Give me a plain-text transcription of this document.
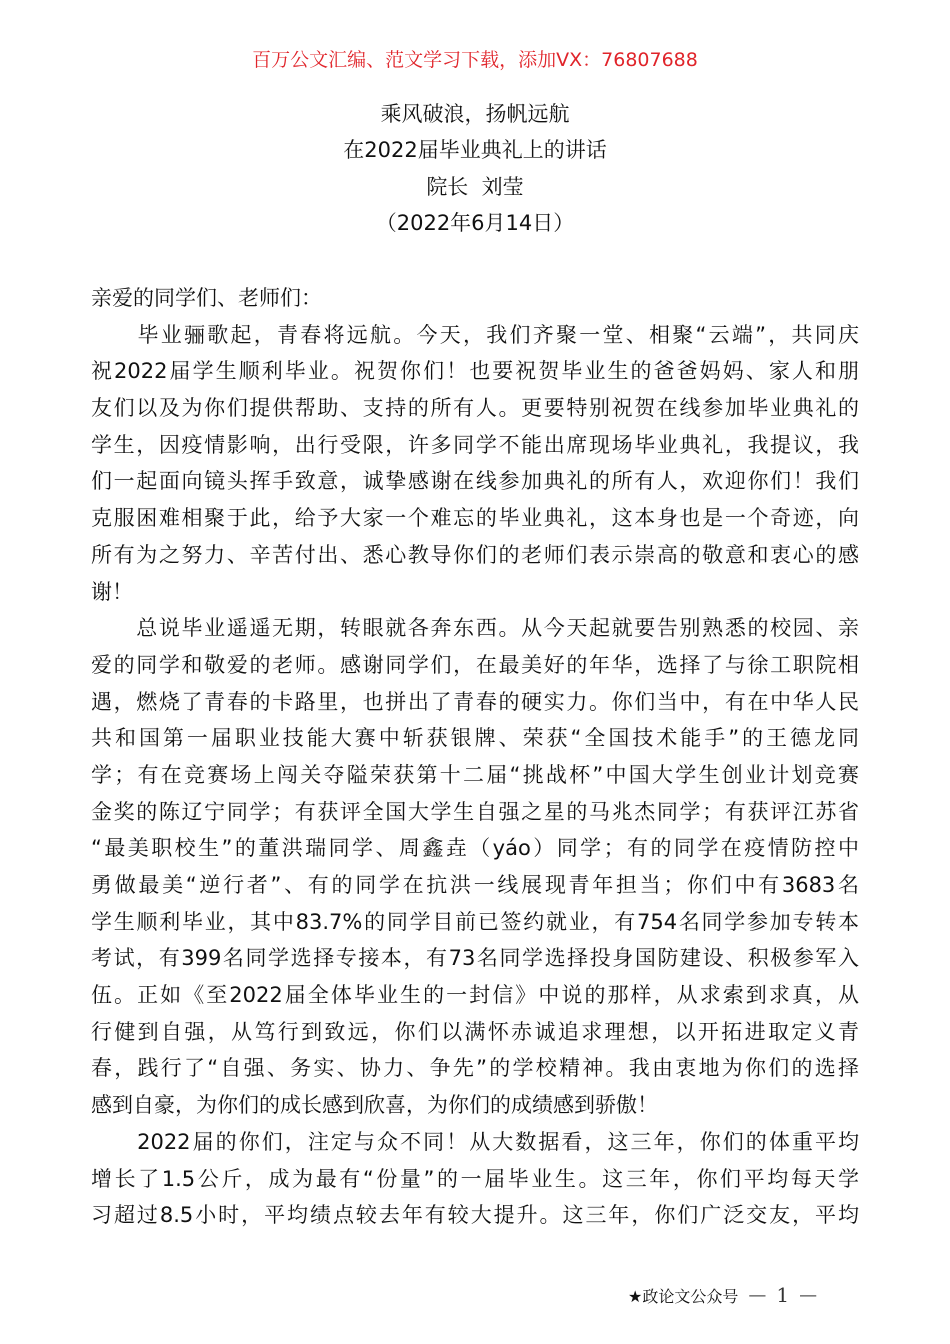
百万公文汇编、范文学习下载，添加VX：76807688
乘风破浪，扬帆远航
在2022届毕业典礼上的讲话
院长  刘莹
（2022年6月14日）
亲爱的同学们、老师们：
　　毕业骊歌起，青春将远航。今天，我们齐聚一堂、相聚“云端”，共同庆
祝2022届学生顺利毕业。祝贺你们！也要祝贺毕业生的爸爸妈妈、家人和朋
友们以及为你们提供帮助、支持的所有人。更要特别祝贺在线参加毕业典礼的
学生，因疫情影响，出行受限，许多同学不能出席现场毕业典礼，我提议，我
们一起面向镜头挥手致意，诚挚感谢在线参加典礼的所有人，欢迎你们！我们
克服困难相聚于此，给予大家一个难忘的毕业典礼，这本身也是一个奇迹，向
所有为之努力、辛苦付出、悉心教导你们的老师们表示崇高的敬意和衷心的感
谢！
　　总说毕业遥遥无期，转眼就各奔东西。从今天起就要告别熟悉的校园、亲
爱的同学和敬爱的老师。感谢同学们，在最美好的年华，选择了与徐工职院相
遇，燃烧了青春的卡路里，也拼出了青春的硬实力。你们当中，有在中华人民
共和国第一届职业技能大赛中斩获银牌、荣获“全国技术能手”的王德龙同
学；有在竞赛场上闯关夺隘荣获第十二届“挑战杯”中国大学生创业计划竞赛
金奖的陈辽宁同学；有获评全国大学生自强之星的马兆杰同学；有获评江苏省
“最美职校生”的董洪瑞同学、周鑫垚（yáo）同学；有的同学在疫情防控中
勇做最美“逆行者”、有的同学在抗洪一线展现青年担当；你们中有3683名
学生顺利毕业，其中83.7%的同学目前已签约就业，有754名同学参加专转本
考试，有399名同学选择专接本，有73名同学选择投身国防建设、积极参军入
伍。正如《至2022届全体毕业生的一封信》中说的那样，从求索到求真，从
行健到自强，从笃行到致远，你们以满怀赤诚追求理想，以开拓进取定义青
春，践行了“自强、务实、协力、争先”的学校精神。我由衷地为你们的选择
感到自豪，为你们的成长感到欣喜，为你们的成绩感到骄傲！
　　2022届的你们，注定与众不同！从大数据看，这三年，你们的体重平均
增长了1.5公斤，成为最有“份量”的一届毕业生。这三年，你们平均每天学
习超过8.5小时，平均绩点较去年有较大提升。这三年，你们广泛交友，平均
★政论文公众号 — 1 —
